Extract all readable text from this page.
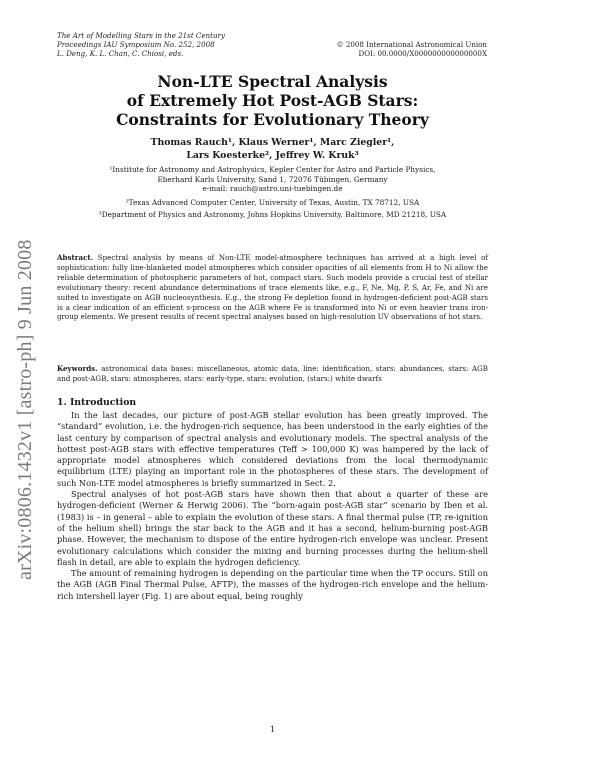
The Art of Modelling Stars in the 21st Century
Proceedings IAU Symposium No. 252, 2008
L. Deng, K. L. Chan, C. Chiosi, eds.
© 2008 International Astronomical Union
DOI: 00.0000/X000000000000000X
arXiv:0806.1432v1 [astro-ph] 9 Jun 2008
Non-LTE Spectral Analysis
of Extremely Hot Post-AGB Stars:
Constraints for Evolutionary Theory
Thomas Rauch¹, Klaus Werner¹, Marc Ziegler¹,
Lars Koesterke², Jeffrey W. Kruk³
¹Institute for Astronomy and Astrophysics, Kepler Center for Astro and Particle Physics,
Eberhard Karls University, Sand 1, 72076 Tübingen, Germany
e-mail: rauch@astro.uni-tuebingen.de
²Texas Advanced Computer Center, University of Texas, Austin, TX 78712, USA
³Department of Physics and Astronomy, Johns Hopkins University, Baltimore, MD 21218, USA
Abstract. Spectral analysis by means of Non-LTE model-atmosphere techniques has arrived at a high level of sophistication: fully line-blanketed model atmospheres which consider opacities of all elements from H to Ni allow the reliable determination of photospheric parameters of hot, compact stars. Such models provide a crucial test of stellar evolutionary theory: recent abundance determinations of trace elements like, e.g., F, Ne, Mg, P, S, Ar, Fe, and Ni are suited to investigate on AGB nucleosynthesis. E.g., the strong Fe depletion found in hydrogen-deficient post-AGB stars is a clear indication of an efficient s-process on the AGB where Fe is transformed into Ni or even heavier trans iron-group elements. We present results of recent spectral analyses based on high-resolution UV observations of hot stars.
Keywords. astronomical data bases: miscellaneous, atomic data, line: identification, stars: abundances, stars: AGB and post-AGB, stars: atmospheres, stars: early-type, stars: evolution, (stars:) white dwarfs
1. Introduction

In the last decades, our picture of post-AGB stellar evolution has been greatly improved. The “standard” evolution, i.e. the hydrogen-rich sequence, has been understood in the early eighties of the last century by comparison of spectral analysis and evolutionary models. The spectral analysis of the hottest post-AGB stars with effective temperatures (Teff > 100,000 K) was hampered by the lack of appropriate model atmospheres which considered deviations from the local thermodynamic equilibrium (LTE) playing an important role in the photospheres of these stars. The development of such Non-LTE model atmospheres is briefly summarized in Sect. 2.

Spectral analyses of hot post-AGB stars have shown then that about a quarter of these are hydrogen-deficient (Werner & Herwig 2006). The “born-again post-AGB star” scenario by Iben et al. (1983) is – in general – able to explain the evolution of these stars. A final thermal pulse (TP, re-ignition of the helium shell) brings the star back to the AGB and it has a second, helium-burning post-AGB phase. However, the mechanism to dispose of the entire hydrogen-rich envelope was unclear. Present evolutionary calculations which consider the mixing and burning processes during the helium-shell flash in detail, are able to explain the hydrogen deficiency.

The amount of remaining hydrogen is depending on the particular time when the TP occurs. Still on the AGB (AGB Final Thermal Pulse, AFTP), the masses of the hydrogen-rich envelope and the helium-rich intershell layer (Fig. 1) are about equal, being roughly

1
